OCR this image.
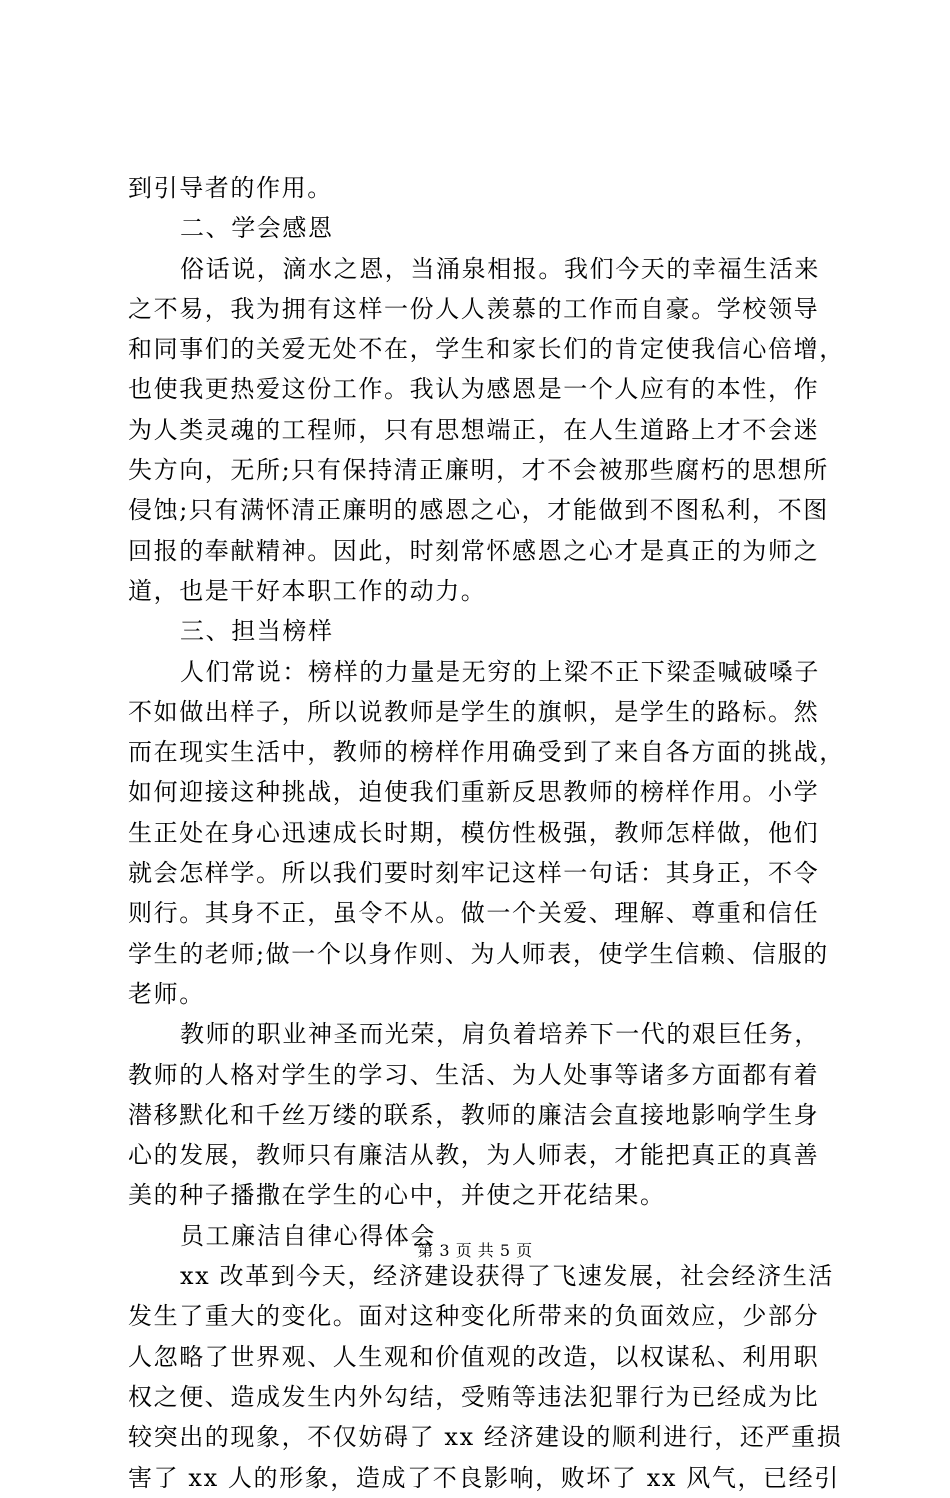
到引导者的作用。
二、学会感恩
俗话说，滴水之恩，当涌泉相报。我们今天的幸福生活来
之不易，我为拥有这样一份人人羡慕的工作而自豪。学校领导
和同事们的关爱无处不在，学生和家长们的肯定使我信心倍增，
也使我更热爱这份工作。我认为感恩是一个人应有的本性，作
为人类灵魂的工程师，只有思想端正，在人生道路上才不会迷
失方向，无所;只有保持清正廉明，才不会被那些腐朽的思想所
侵蚀;只有满怀清正廉明的感恩之心，才能做到不图私利，不图
回报的奉献精神。因此，时刻常怀感恩之心才是真正的为师之
道，也是干好本职工作的动力。
三、担当榜样
人们常说：榜样的力量是无穷的上梁不正下梁歪喊破嗓子
不如做出样子，所以说教师是学生的旗帜，是学生的路标。然
而在现实生活中，教师的榜样作用确受到了来自各方面的挑战，
如何迎接这种挑战，迫使我们重新反思教师的榜样作用。小学
生正处在身心迅速成长时期，模仿性极强，教师怎样做，他们
就会怎样学。所以我们要时刻牢记这样一句话：其身正，不令
则行。其身不正，虽令不从。做一个关爱、理解、尊重和信任
学生的老师;做一个以身作则、为人师表，使学生信赖、信服的
老师。
教师的职业神圣而光荣，肩负着培养下一代的艰巨任务，
教师的人格对学生的学习、生活、为人处事等诸多方面都有着
潜移默化和千丝万缕的联系，教师的廉洁会直接地影响学生身
心的发展，教师只有廉洁从教，为人师表，才能把真正的真善
美的种子播撒在学生的心中，并使之开花结果。
员工廉洁自律心得体会
xx 改革到今天，经济建设获得了飞速发展，社会经济生活
发生了重大的变化。面对这种变化所带来的负面效应，少部分
人忽略了世界观、人生观和价值观的改造，以权谋私、利用职
权之便、造成发生内外勾结，受贿等违法犯罪行为已经成为比
较突出的现象，不仅妨碍了 xx 经济建设的顺利进行，还严重损
害了 xx 人的形象，造成了不良影响，败坏了 xx 风气，已经引
第 3 页 共 5 页
